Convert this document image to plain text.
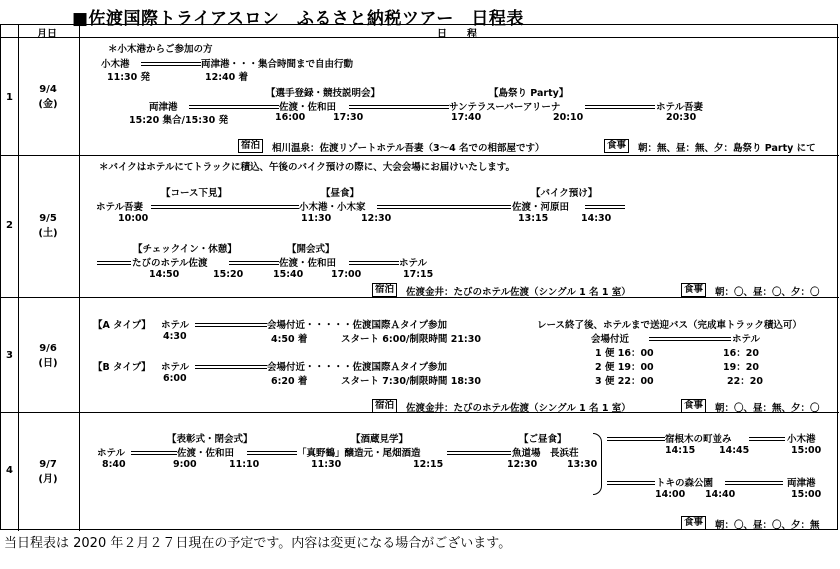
■佐渡国際トライアスロン　ふるさと納税ツアー　日程表
月日	日　　程
1
9/4
(金)
＊小木港からご参加の方
小木港	両津港・・・集合時間まで自由行動
11:30 発	12:40 着
【選手登録・競技説明会】	【島祭り Party】
両津港	佐渡・佐和田	サンテラスーパーアリーナ	ホテル吾妻
15:20 集合/15:30 発	16:00	17:30	17:40	20:10	20:30
宿泊	相川温泉：佐渡リゾートホテル吾妻（3～4 名での相部屋です）	食事	朝：無、昼：無、夕：島祭り Party にて
2
9/5
(土)
＊バイクはホテルにてトラックに積込、午後のバイク預けの際に、大会会場にお届けいたします。
【コース下見】	【昼食】	【バイク預け】
ホテル吾妻	小木港・小木家	佐渡・河原田
10:00	11:30	12:30	13:15	14:30
【チェックイン・休憩】	【開会式】
たびのホテル佐渡	佐渡・佐和田	ホテル
14:50	15:20	15:40	17:00	17:15
宿泊	佐渡金井：たびのホテル佐渡（シングル 1 名 1 室）	食事	朝：〇、昼：〇、夕：〇
3
9/6
(日)
【A タイプ】 ホテル	会場付近・・・・・佐渡国際Ａタイプ参加
4:30	4:50 着	スタート 6:00/制限時間 21:30
【B タイプ】 ホテル	会場付近・・・・・佐渡国際Ａタイプ参加
6:00	6:20 着	スタート 7:30/制限時間 18:30
レース終了後、ホテルまで送迎バス（完成車トラック積込可）
会場付近	ホテル
1 便 16：00	16：20
2 便 19：00	19：20
3 便 22：00	22：20
宿泊	佐渡金井：たびのホテル佐渡（シングル 1 名 1 室）	食事	朝：〇、昼：無、夕：〇
4
9/7
(月)
【表彰式・閉会式】	【酒蔵見学】	【ご昼食】
ホテル	佐渡・佐和田	「真野鶴」醸造元・尾畑酒造	魚道場　長浜荘
8:40	9:00	11:10	11:30	12:15	12:30	13:30
宿根木の町並み	小木港
14:15	14:45	15:00
トキの森公園	両津港
14:00 14:40	15:00
食事	朝：〇、昼：〇、夕：無
当日程表は 2020 年２月２７日現在の予定です。内容は変更になる場合がございます。
